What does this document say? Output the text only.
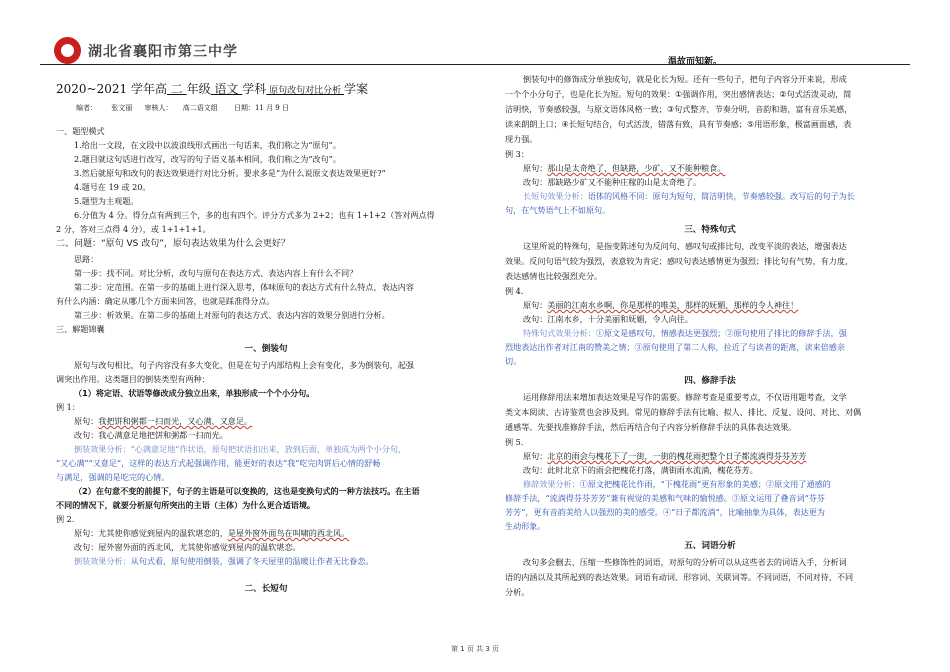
湖北省襄阳市第三中学
温故而知新。
2020~2021 学年高 二 年级 语文 学科 原句改句对比分析 学案
编者： 张文丽 审核人： 高二语文组 日期：11 月 9 日
一、题型模式
1.给出一文段，在文段中以波浪线形式画出一句话来，我们称之为“原句”。
2.题目就这句话进行改写，改写的句子语义基本相同，我们称之为“改句”。
3.然后就原句和改句的表达效果进行对比分析。要求多是“为什么说原文表达效果更好?”
4.题号在 19 或 20。
5.题型为主观题。
6.分值为 4 分。得分点有两到三个，多的也有四个。评分方式多为 2+2；也有 1+1+2（答对两点得
2 分，答对三点得 4 分），或 1+1+1+1。
二、问题：“原句 VS 改句”，原句表达效果为什么会更好？
思路：
第一步：找不同。对比分析，改句与原句在表达方式、表达内容上有什么不同？
第二步：定范围。在第一步的基础上进行深入思考，体味原句的表达方式有什么特点，表达内容
有什么内涵：确定从哪几个方面来回答，也就是踩准得分点。
第三步：析效果。在第二步的基础上对原句的表达方式、表达内容的效果分别进行分析。
三、解题锦囊
一、倒装句
原句与改句相比，句子内容没有多大变化，但是在句子内部结构上会有变化，多为倒装句，起强
调突出作用。这类题目的倒装类型有两种：
（1）将定语、状语等修改成分独立出来，单独形成一个个小分句。
例 1：
原句：我把饼和粥都一扫而光，又心满，又意足。
改句：我心满意足地把饼和粥都一扫而光。
倒装效果分析：“心满意足地”作状语，原句把状语扣出来，放到后面，单独成为两个小分句，
“又心满”“又意足”，这样的表达方式起强调作用，能更好的表达“我”吃完肉饼后心情的舒畅
与满足，强调的是吃完的心情。
（2）在句意不变的前提下，句子的主语是可以变换的，这也是变换句式的一种方法技巧。在主语
不同的情况下，就要分析原句所突出的主语（主体）为什么更合适语境。
例 2.
原句：尤其使你感觉到屋内的温软堪恋的，是屋外窗外面鸟在叫啸的西北风。
改句：屋外窗外面的西北风，尤其使你感觉到屋内的温软堪恋。
倒装效果分析：从句式看，原句使用倒装，强调了冬天屋里的温暖让作者无比眷恋。
二、长短句
倒装句中的修饰成分单独成句，就是化长为短。还有一些句子，把句子内容分开来说，形成
一个个小分句子，也是化长为短。短句的效果：①强调作用，突出感情表达；②句式活泼灵动，简
洁明快，节奏感较强，与原文语体风格一致；③句式整齐，节奏分明，音韵和谐，富有音乐美感，
读来朗朗上口；④长短句结合，句式活泼，错落有致，具有节奏感；⑤用语形象，极富画面感，表
现力强。
例 3：
原句：那山是太奇绝了，但缺路，少矿，又不能种粮食。
改句：那缺路少矿又不能种庄稼的山是太奇绝了。
长短句效果分析：语体的风格不同：原句为短句，简洁明快，节奏感较强。改写后的句子为长
句，在气势语气上不如原句。
三、特殊句式
这里所说的特殊句，是指变陈述句为反问句、感叹句或排比句，改变平淡的表达，增强表达
效果。反问句语气较为强烈，表意较为肯定；感叹句表达感情更为强烈；排比句有气势，有力度，
表达感情也比较强烈充分。
例 4.
原句：美丽的江南水乡啊，你是那样的唯美，那样的妩媚，那样的令人神往！
改句：江南水乡，十分美丽和妩媚，令人向往。
特殊句式效果分析：①原文是感叹句，情感表达更强烈；②原句使用了排比的修辞手法，强
烈地表达出作者对江南的赞美之情；③原句使用了第二人称，拉近了与读者的距离，读来倍感亲
切。
四、修辞手法
运用修辞用法来增加表达效果是写作的需要。修辞考查是重要考点，不仅语用题考查，文学
类文本阅读、古诗鉴赏也会涉及到。常见的修辞手法有比喻、拟人、排比、反复、设问、对比、对偶
通感等。先要找准修辞手法，然后再结合句子内容分析修辞手法的具体表达效果。
例 5.
原句：北京的雨会与槐花下了一街，一街的槐花雨把整个日子都流淌得芬芬芳芳
改句：此时北京下的雨会把槐花打落，满街雨水流淌，槐花芬芳。
修辞效果分析：①原文把槐花比作雨，“下槐花雨”更有形象的美感；②原文用了通感的
修辞手法，“流淌得芬芬芳芳”兼有视觉的美感和气味的愉悦感。③原文运用了叠音词“芬芬
芳芳”，更有音韵美给人以强烈的美的感受。④“日子都流淌”，比喻抽象为具体，表达更为
生动形象。
五、词语分析
改句多会删去、压缩一些修饰性的词语，对原句的分析可以从这些省去的词语入手，分析词
语的内涵以及其所起到的表达效果。词语有动词、形容词、关联词等。不同词语，不同对待，不同
分析。
第 1 页 共 3 页
